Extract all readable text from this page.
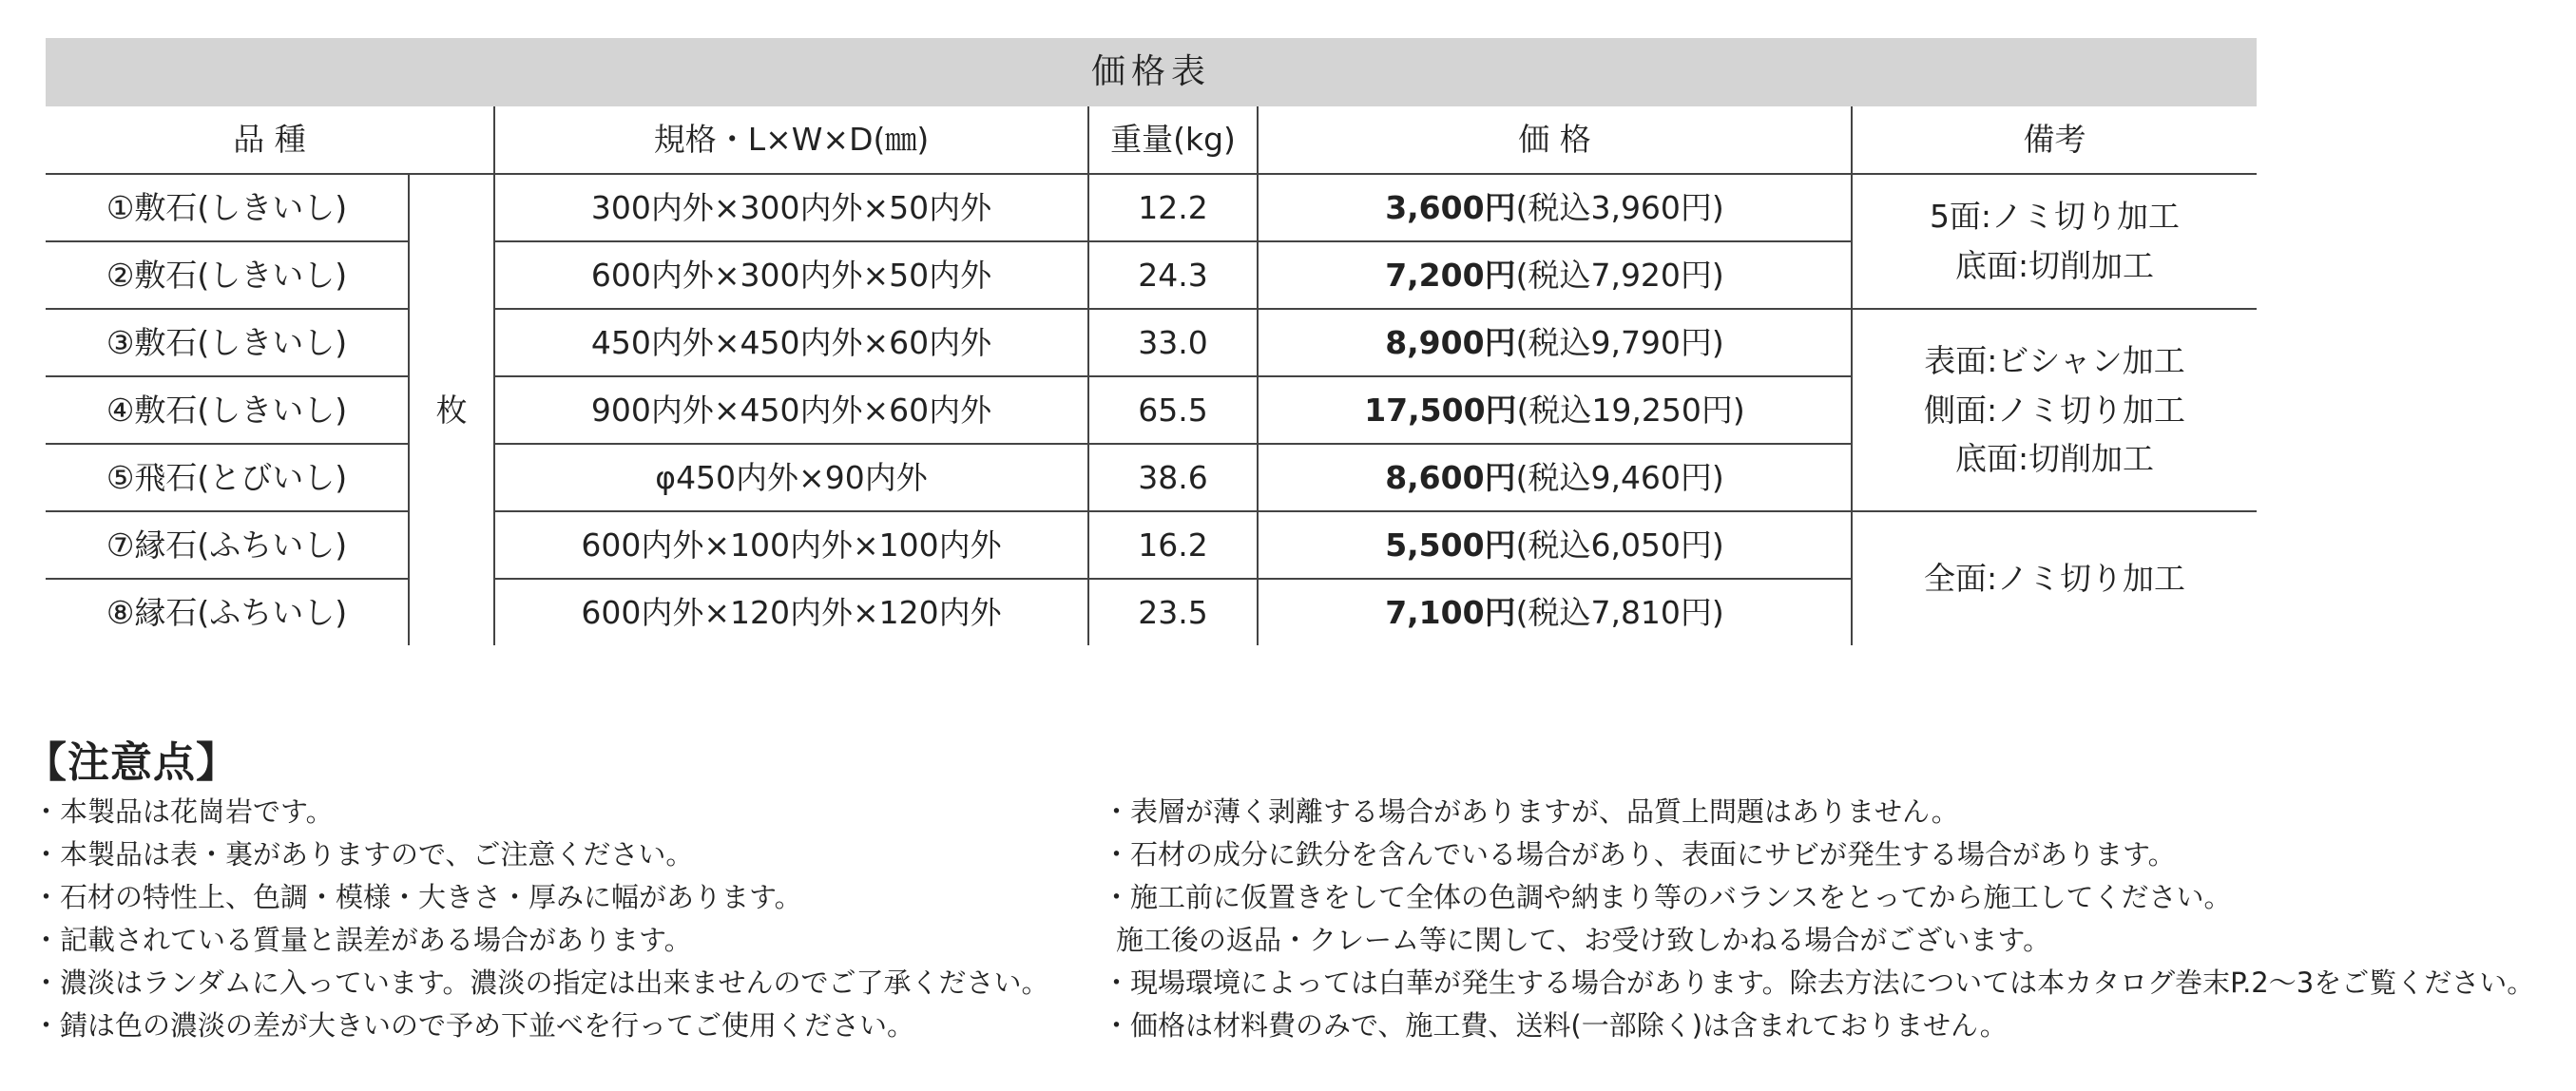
価格表					
品 種		規格・L×W×D(㎜)	重量(kg)	価 格	備考
①敷石(しきいし)	枚	300内外×300内外×50内外	12.2	3,600円(税込3,960円)	5面:ノミ切り加工
底面:切削加工

②敷石(しきいし)		600内外×300内外×50内外	24.3	7,200円(税込7,920円)	
③敷石(しきいし)		450内外×450内外×60内外	33.0	8,900円(税込9,790円)	表面:ビシャン加工
側面:ノミ切り加工
底面:切削加工

④敷石(しきいし)		900内外×450内外×60内外	65.5	17,500円(税込19,250円)	
⑤飛石(とびいし)		φ450内外×90内外	38.6	8,600円(税込9,460円)	
⑦縁石(ふちいし)		600内外×100内外×100内外	16.2	5,500円(税込6,050円)	全面:ノミ切り加工

⑧縁石(ふちいし)		600内外×120内外×120内外	23.5	7,100円(税込7,810円)	
【注意点】
・本製品は花崗岩です。
・本製品は表・裏がありますので、ご注意ください。
・石材の特性上、色調・模様・大きさ・厚みに幅があります。
・記載されている質量と誤差がある場合があります。
・濃淡はランダムに入っています。濃淡の指定は出来ませんのでご了承ください。
・錆は色の濃淡の差が大きいので予め下並べを行ってご使用ください。
・表層が薄く剥離する場合がありますが、品質上問題はありません。
・石材の成分に鉄分を含んでいる場合があり、表面にサビが発生する場合があります。
・施工前に仮置きをして全体の色調や納まり等のバランスをとってから施工してください。
施工後の返品・クレーム等に関して、お受け致しかねる場合がございます。
・現場環境によっては白華が発生する場合があります。除去方法については本カタログ巻末P.2～3をご覧ください。
・価格は材料費のみで、施工費、送料(一部除く)は含まれておりません。
